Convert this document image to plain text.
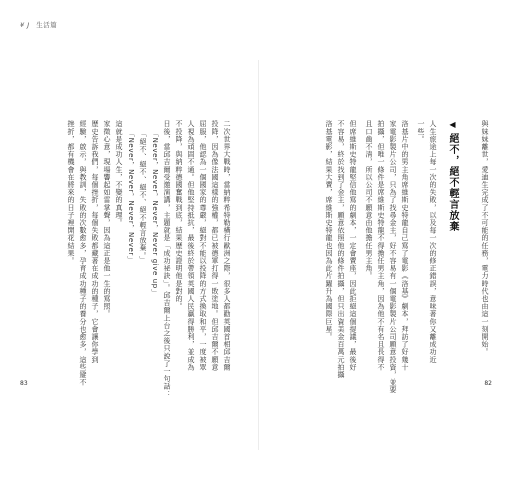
¥ J 生活篇
二次世界大戰時，當納粹希特勒橫行歐洲之際，很多人都勸英國首相邱吉爾
投降，因為像法國這樣的強權，都已被德軍打得一敗塗地。但邱吉爾不願意
屈服，他認為一個國家的尊嚴，絕對不能以投降的方式換取和平，一度被眾
人視為頑固不通。但他堅持抵抗，最後終於帶領英國人民贏得勝利，並成為
不投降，與納粹德國奮戰到底，結果歷史證明他是對的。
日後，當邱吉爾受邀演講，主題就是「成功祕訣」。邱吉爾上台之後只說了一句話：
「Never，Never，Never，Never give up」
「絕不、絕不、絕不、絕不輕言放棄。」
「Never，Never，Never，Never」
這就是成功人生，不變的真理。
家徵心意，現場響起如雷掌聲，因為這正是他一生的寫照。
歷史告訴我們，每個挫折，每個失敗都藏著在成功的種子，它會讓你學到
經驗，啟示，與教訓，失敗的次數愈多，孕育成功種子的養分也愈多，這些避不
挫折，都有機會在將來的日子裡開花結果。
83
與妹妹離世，愛迪生完成了不可能的任務，電力時代也由這一刻開始。
◀絕不，絕不輕言放棄
人生旅途上每一次的失敗，以及每一次的修正錯誤，意味著你又離成功近
一些。
洛基片中的男主角席維斯史特龍自己寫了電影《洛基》劇本，拜訪了好幾十
家電影製片公司，只為了找尋金主，好不容易有一個電影製片公司願意投資，並要
拍攝，但唯一條件是席維斯史特龍不得擔任男主角，因為他不有名且長得不
且口齒不清，所以公司不願意由他擔任男主角。
但席維斯史特龍堅信他寫的劇本，一定會賣座，因此拒絕這個提議，最後好
不容易，終於找到了金主，願意依照他的條件拍攝，但只出資美金百萬元拍攝
洛基電影，結果大賣，席維斯史特龍也因為此片躍升為國際巨星。
82
